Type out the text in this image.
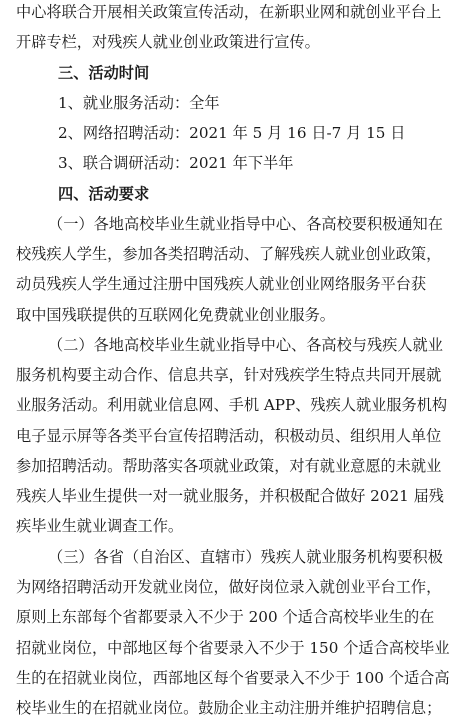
中心将联合开展相关政策宣传活动，在新职业网和就创业平台上
开辟专栏，对残疾人就业创业政策进行宣传。
三、活动时间
1、就业服务活动：全年
2、网络招聘活动：2021 年 5 月 16 日-7 月 15 日
3、联合调研活动：2021 年下半年
四、活动要求
（一）各地高校毕业生就业指导中心、各高校要积极通知在
校残疾人学生，参加各类招聘活动、了解残疾人就业创业政策，
动员残疾人学生通过注册中国残疾人就业创业网络服务平台获
取中国残联提供的互联网化免费就业创业服务。
（二）各地高校毕业生就业指导中心、各高校与残疾人就业
服务机构要主动合作、信息共享，针对残疾学生特点共同开展就
业服务活动。利用就业信息网、手机 APP、残疾人就业服务机构
电子显示屏等各类平台宣传招聘活动，积极动员、组织用人单位
参加招聘活动。帮助落实各项就业政策，对有就业意愿的未就业
残疾人毕业生提供一对一就业服务，并积极配合做好 2021 届残
疾毕业生就业调查工作。
（三）各省（自治区、直辖市）残疾人就业服务机构要积极
为网络招聘活动开发就业岗位，做好岗位录入就创业平台工作，
原则上东部每个省都要录入不少于 200 个适合高校毕业生的在
招就业岗位，中部地区每个省要录入不少于 150 个适合高校毕业
生的在招就业岗位，西部地区每个省要录入不少于 100 个适合高
校毕业生的在招就业岗位。鼓励企业主动注册并维护招聘信息；
